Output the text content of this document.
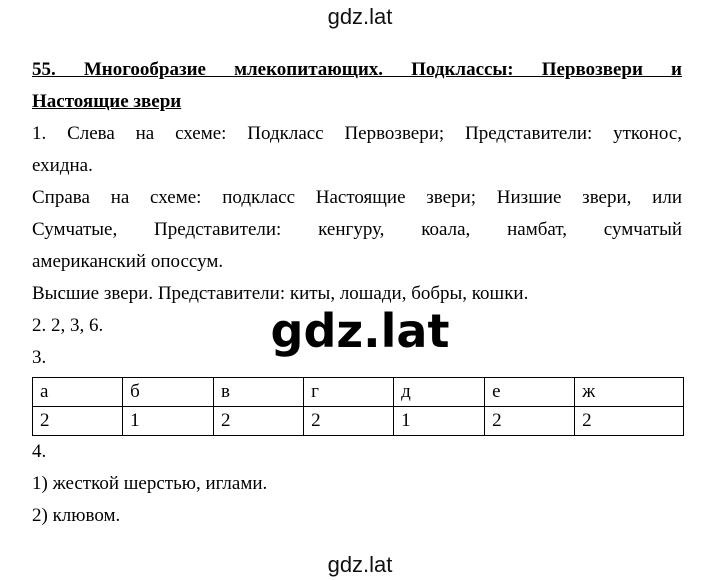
gdz.lat
55. Многообразие млекопитающих. Подклассы: Первозвери и
Настоящие звери
1. Слева на схеме: Подкласс Первозвери; Представители: утконос,
ехидна.
Справа на схеме: подкласс Настоящие звери; Низшие звери, или
Сумчатые, Представители: кенгуру, коала, намбат, сумчатый
американский опоссум.
Высшие звери. Представители: киты, лошади, бобры, кошки.
2. 2, 3, 6.
3.
а	б	в	г	д	е	ж
2	1	2	2	1	2	2
4.
1) жесткой шерстью, иглами.
2) клювом.
gdz.lat
gdz.lat
